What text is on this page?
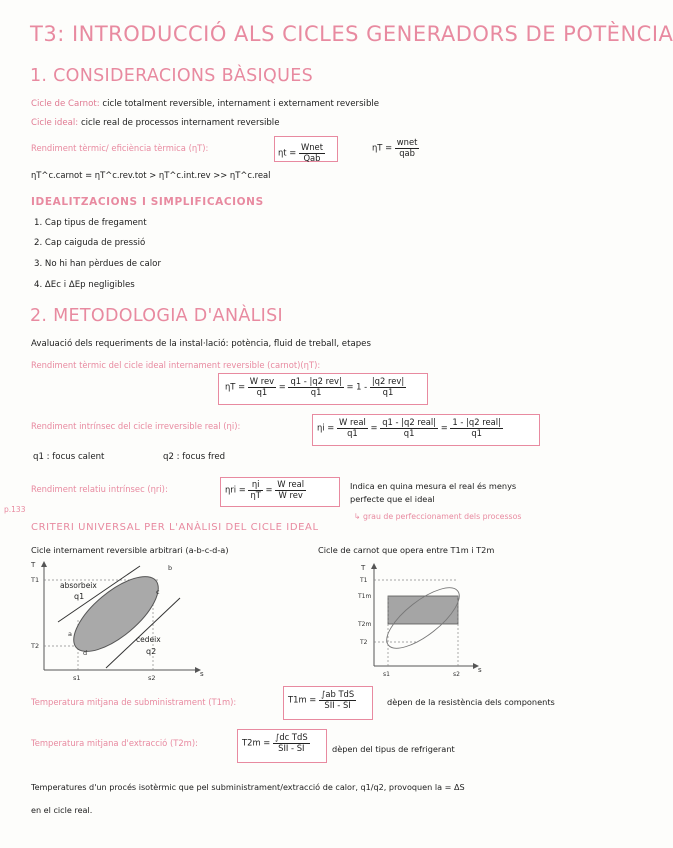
T3: INTRODUCCIÓ ALS CICLES GENERADORS DE POTÈNCIA
1. CONSIDERACIONS BÀSIQUES
Cicle de Carnot: cicle totalment reversible, internament i externament reversible
Cicle ideal: cicle real de processos internament reversible
Rendiment tèrmic/ eficiència tèrmica (ηT):	$\eta t = \frac{\text{Wnet}}{\text{Qab}}$	$\eta T = \frac{\text{wnet}}{\text{qab}}$
ηT^c.carnot = ηT^c.rev.tot > ηT^c.int.rev >> ηT^c.real
IDEALITZACIONS I SIMPLIFICACIONS
1. Cap tipus de fregament
2. Cap caiguda de pressió
3. No hi han pèrdues de calor
4. ΔEc i ΔEp negligibles
2. METODOLOGIA D'ANÀLISI
Avaluació dels requeriments de la instal·lació: potència, fluid de treball, etapes
Rendiment tèrmic del cicle ideal internament reversible (carnot)(ηT):
$\eta T = \frac{\text{W rev}}{q1} = \frac{\text{q1 - |q2 rev|}}{q1} = 1 - \frac{\text{|q2 rev|}}{q1}$
Rendiment intrínsec del cicle irreversible real (ηi):	$\eta i = \frac{\text{W real}}{q1} = \frac{\text{q1 - |q2 real|}}{q1} = \frac{\text{1 - |q2 real|}}{q1}$
q1 : focus calent	q2 : focus fred
Rendiment relatiu intrínsec (ηri):	$\eta ri = \frac{\eta i}{\eta T} = \frac{\text{W real}}{\text{W rev}}$	Indica en quina mesura el real és menys
perfecte que el ideal
↳ grau de perfeccionament dels processos
p.133
CRITERI UNIVERSAL PER L'ANÀLISI DEL CICLE IDEAL
Cicle internament reversible arbitrari (a-b-c-d-a)	Cicle de carnot que opera entre T1m i T2m
T
T1
T2
s
s1	s2
absorbeix
q1
cedeix
q2
a
b
c
d
T
T1
T1m
T2m
T2
s
s1	s2
Temperatura mitjana de subministrament (T1m):	$T1m = \frac{\text{∫ab TdS}}{\text{SII - SI}}$	dèpen de la resistència dels components
Temperatura mitjana d'extracció (T2m):	$T2m = \frac{\text{∫dc TdS}}{\text{SII - SI}}$	dèpen del tipus de refrigerant
Temperatures d'un procés isotèrmic que pel subministrament/extracció de calor, q1/q2, provoquen la = ΔS
en el cicle real.
